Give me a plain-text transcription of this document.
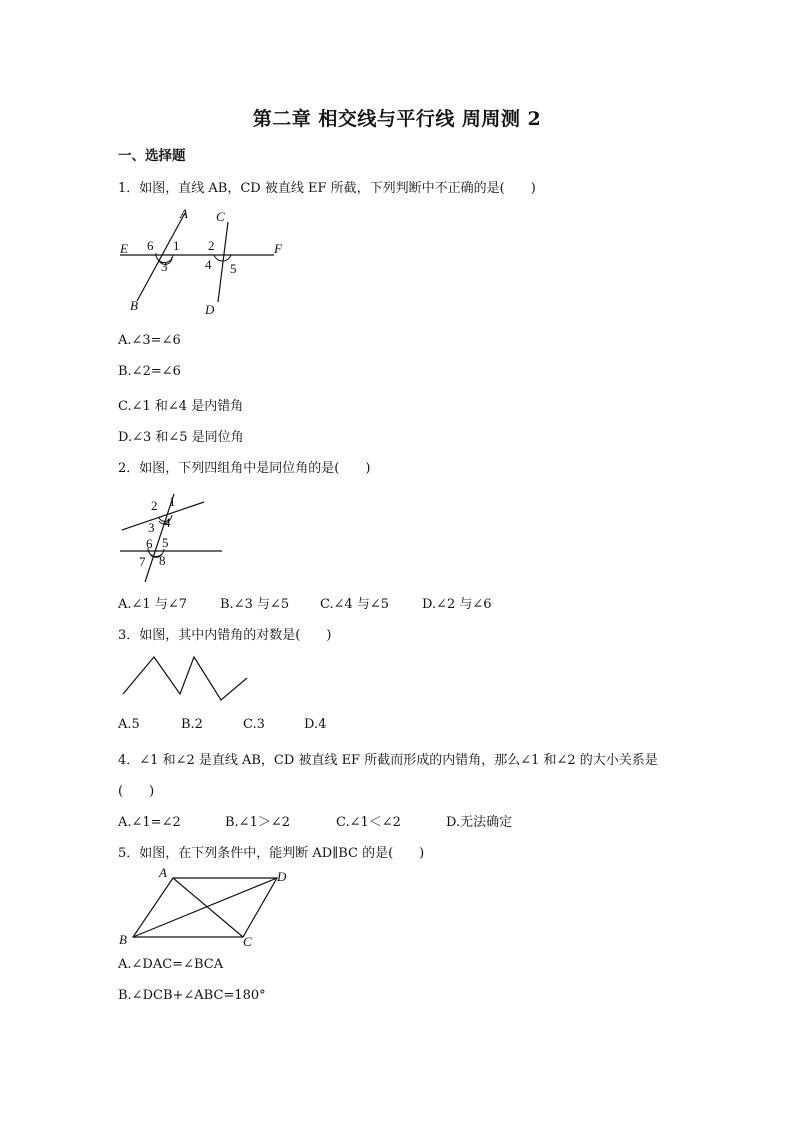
第二章 相交线与平行线 周周测 2
一、选择题
1．如图，直线 AB，CD 被直线 EF 所截，下列判断中不正确的是(　　)
A C
E	F
B	D
6 1
3
2
4 5
A.∠3=∠6
B.∠2=∠6
C.∠1 和∠4 是内错角
D.∠3 和∠5 是同位角
2．如图，下列四组角中是同位角的是(　　)
1
2
3 4
5
6
7 8
A.∠1 与∠7	B.∠3 与∠5 C.∠4 与∠5	D.∠2 与∠6
3．如图，其中内错角的对数是(　　)
A.5	B.2	C.3	D.4
4．∠1 和∠2 是直线 AB，CD 被直线 EF 所截而形成的内错角，那么∠1 和∠2 的大小关系是
(　　)
A.∠1=∠2	B.∠1＞∠2	C.∠1＜∠2	D.无法确定
5．如图，在下列条件中，能判断 AD∥BC 的是(　　)
A	D
B	C
A.∠DAC=∠BCA
B.∠DCB+∠ABC=180°
